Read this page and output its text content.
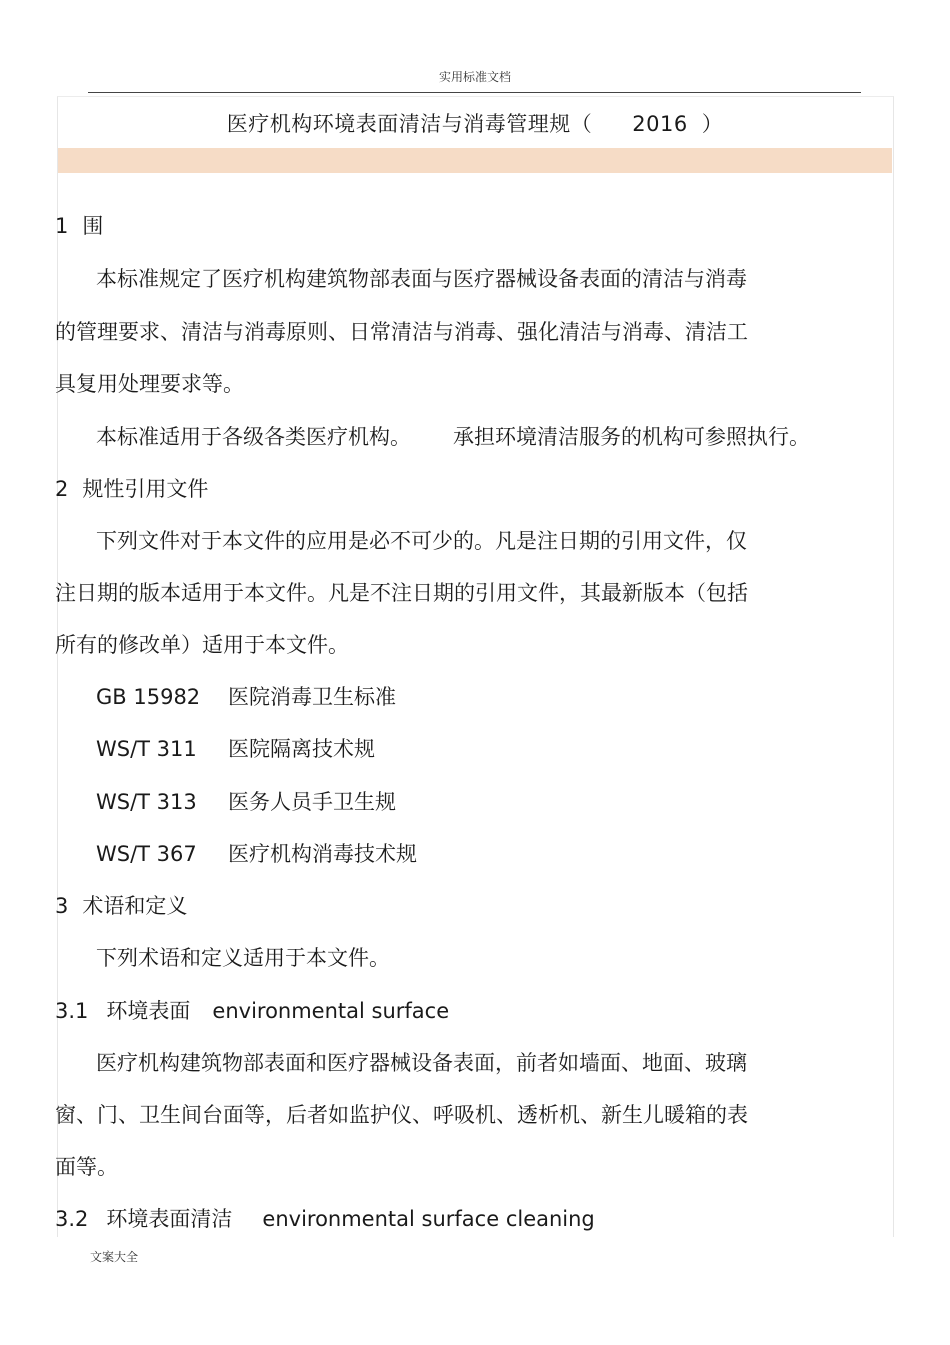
实用标准文档
医疗机构环境表面清洁与消毒管理规（ 2016 ）
1 围
本标准规定了医疗机构建筑物部表面与医疗器械设备表面的清洁与消毒
的管理要求、清洁与消毒原则、日常清洁与消毒、强化清洁与消毒、清洁工
具复用处理要求等。
本标准适用于各级各类医疗机构。 承担环境清洁服务的机构可参照执行。
2 规性引用文件
下列文件对于本文件的应用是必不可少的。凡是注日期的引用文件，仅
注日期的版本适用于本文件。凡是不注日期的引用文件，其最新版本（包括
所有的修改单）适用于本文件。
GB 15982 医院消毒卫生标准
WS/T 311 医院隔离技术规
WS/T 313 医务人员手卫生规
WS/T 367 医疗机构消毒技术规
3 术语和定义
下列术语和定义适用于本文件。
3.1 环境表面 environmental surface
医疗机构建筑物部表面和医疗器械设备表面，前者如墙面、地面、玻璃
窗、门、卫生间台面等，后者如监护仪、呼吸机、透析机、新生儿暖箱的表
面等。
3.2 环境表面清洁 environmental surface cleaning
文案大全
